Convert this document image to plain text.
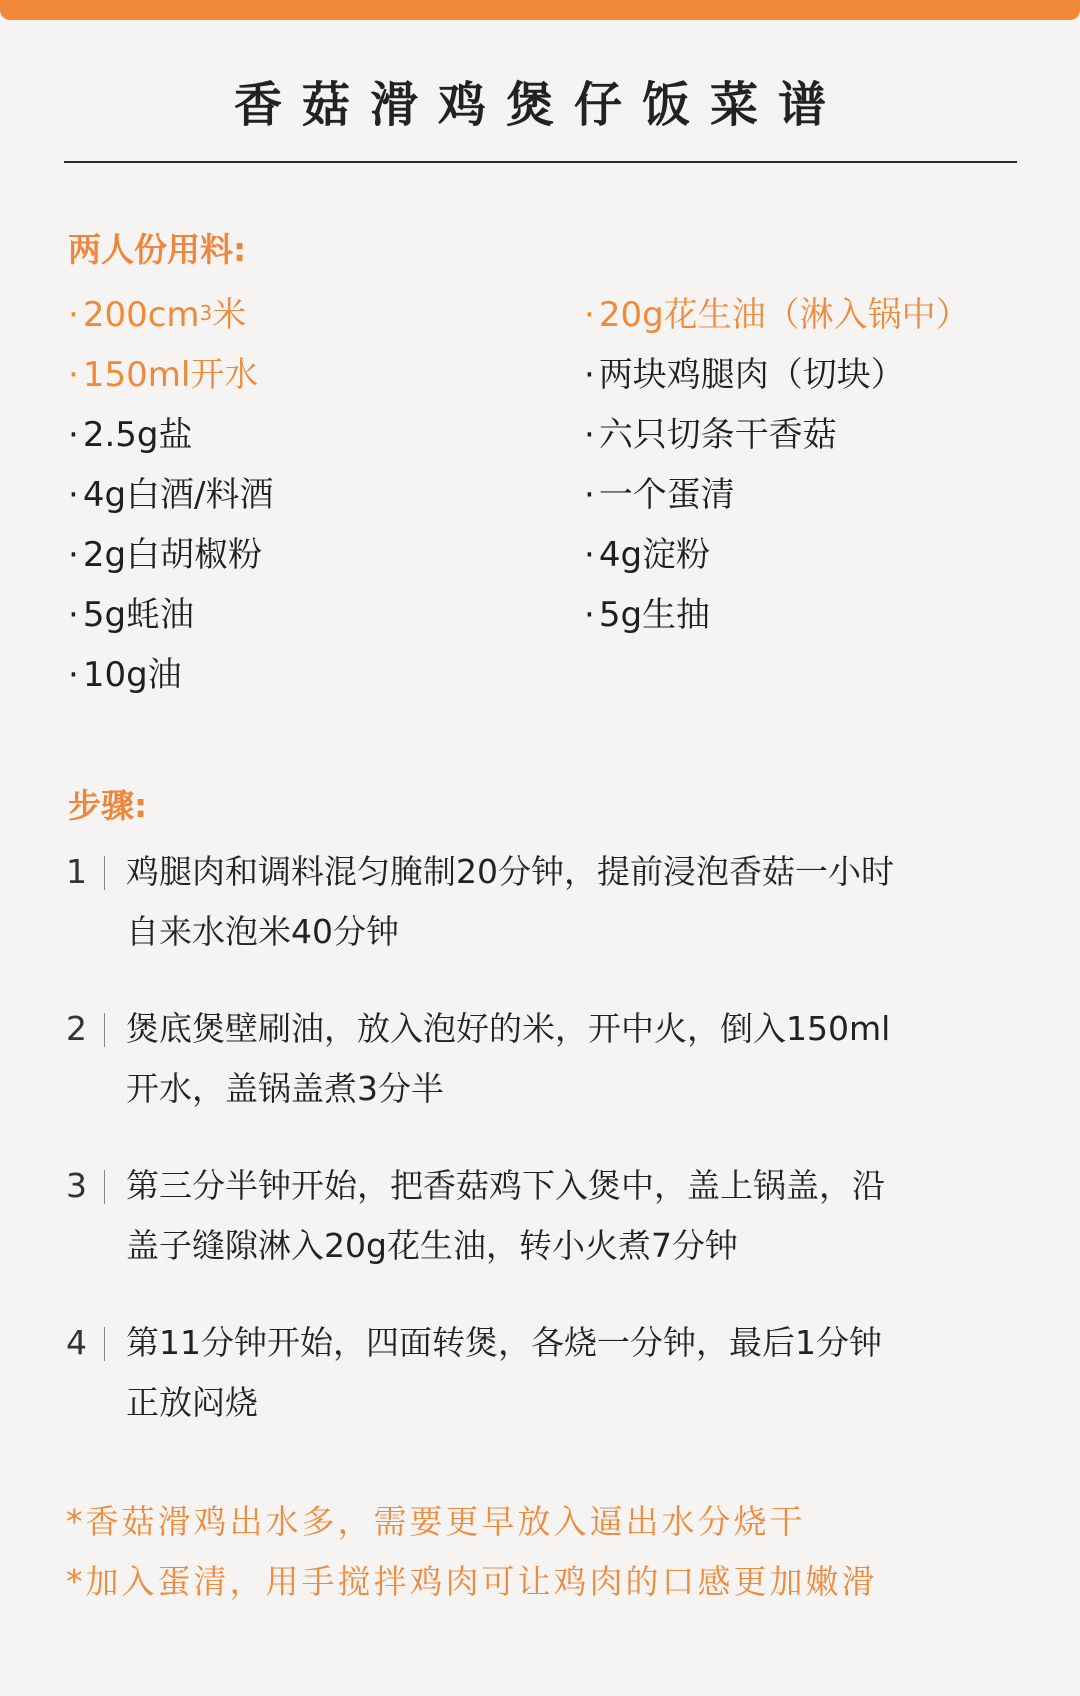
香菇滑鸡煲仔饭菜谱
两人份用料:
· $200cm^3$米
· 150ml开水
· 2.5g盐
· 4g白酒/料酒
· 2g白胡椒粉
· 5g蚝油
· 10g油
· 20g花生油（淋入锅中）
· 两块鸡腿肉（切块）
· 六只切条干香菇
· 一个蛋清
· 4g淀粉
· 5g生抽
步骤:
1 鸡腿肉和调料混匀腌制20分钟，提前浸泡香菇一小时
自来水泡米40分钟
2 煲底煲壁刷油，放入泡好的米，开中火，倒入150ml
开水，盖锅盖煮3分半
3 第三分半钟开始，把香菇鸡下入煲中，盖上锅盖，沿
盖子缝隙淋入20g花生油，转小火煮7分钟
4 第11分钟开始，四面转煲，各烧一分钟，最后1分钟
正放闷烧
*香菇滑鸡出水多，需要更早放入逼出水分烧干
*加入蛋清，用手搅拌鸡肉可让鸡肉的口感更加嫩滑
